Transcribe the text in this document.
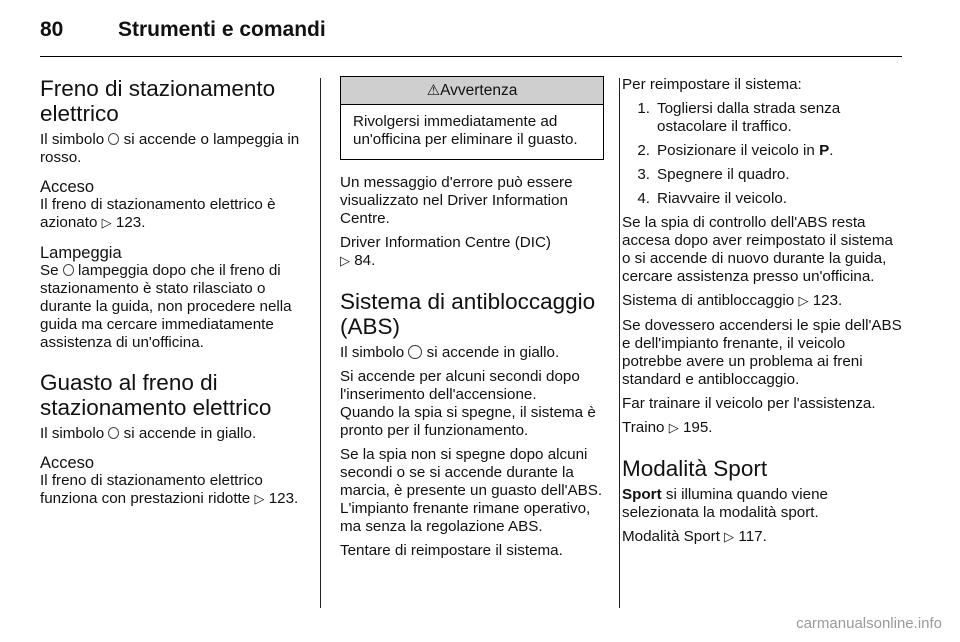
80	Strumenti e comandi
Freno di stazionamento elettrico

Il simbolo si accende o lampeggia in rosso.

Acceso

Il freno di stazionamento elettrico è azionato ▷ 123.

Lampeggia

Se lampeggia dopo che il freno di stazionamento è stato rilasciato o durante la guida, non procedere nella guida ma cercare immediatamente assistenza di un'officina.

Guasto al freno di stazionamento elettrico

Il simbolo si accende in giallo.

Acceso

Il freno di stazionamento elettrico funziona con prestazioni ridotte ▷ 123.

⚠Avvertenza
Rivolgersi immediatamente ad un'officina per eliminare il guasto.

Un messaggio d'errore può essere visualizzato nel Driver Information Centre.

Driver Information Centre (DIC)
▷ 84.

Sistema di antibloccaggio (ABS)

Il simbolo si accende in giallo.

Si accende per alcuni secondi dopo l'inserimento dell'accensione.

Quando la spia si spegne, il sistema è pronto per il funzionamento.

Se la spia non si spegne dopo alcuni secondi o se si accende durante la marcia, è presente un guasto dell'ABS. L'impianto frenante rimane operativo, ma senza la regolazione ABS.

Tentare di reimpostare il sistema.

Per reimpostare il sistema:

1. Togliersi dalla strada senza ostacolare il traffico.
2. Posizionare il veicolo in P.
3. Spegnere il quadro.
4. Riavvaire il veicolo.

Se la spia di controllo dell'ABS resta accesa dopo aver reimpostato il sistema o si accende di nuovo durante la guida, cercare assistenza presso un'officina.

Sistema di antibloccaggio ▷ 123.

Se dovessero accendersi le spie dell'ABS e dell'impianto frenante, il veicolo potrebbe avere un problema ai freni standard e antibloccaggio.

Far trainare il veicolo per l'assistenza.

Traino ▷ 195.

Modalità Sport

Sport si illumina quando viene selezionata la modalità sport.

Modalità Sport ▷ 117.

carmanualsonline.info
